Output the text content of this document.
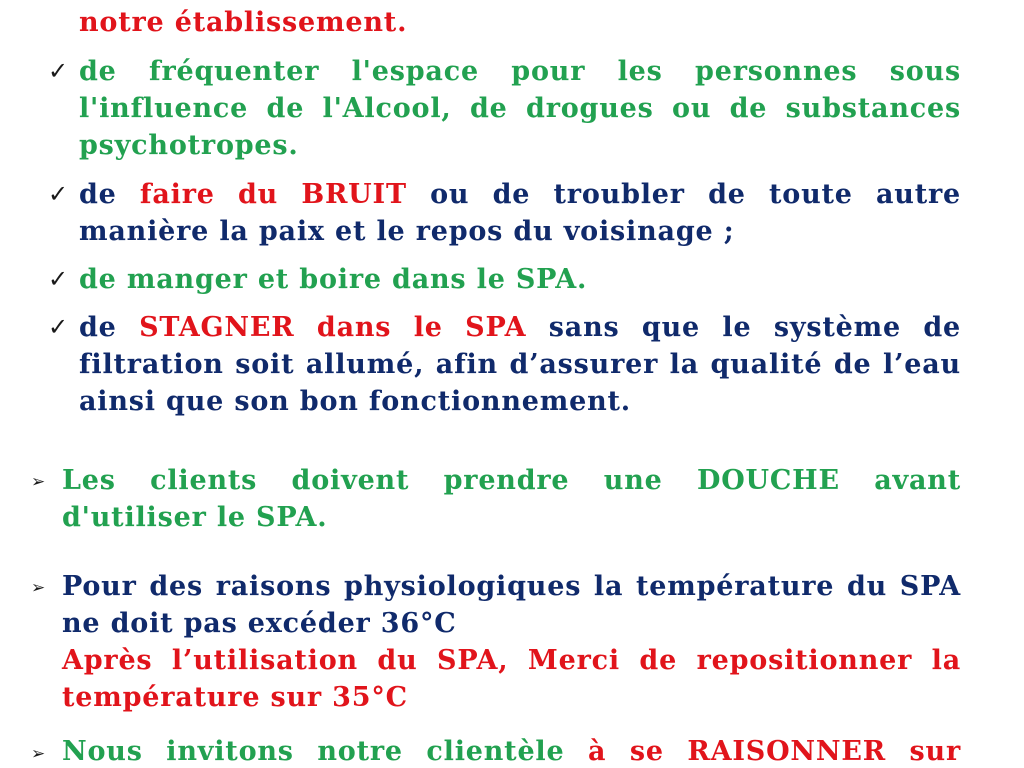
notre établissement.
✓ de fréquenter l'espace pour les personnes sous l'influence de l'Alcool, de drogues ou de substances psychotropes.
✓ de faire du BRUIT ou de troubler de toute autre manière la paix et le repos du voisinage ;
✓ de manger et boire dans le SPA.
✓ de STAGNER dans le SPA sans que le système de filtration soit allumé, afin d’assurer la qualité de l’eau ainsi que son bon fonctionnement.
➢ Les clients doivent prendre une DOUCHE avant d'utiliser le SPA.
➢ Pour des raisons physiologiques la température du SPA ne doit pas excéder 36°C
Après l’utilisation du SPA, Merci de repositionner la température sur 35°C
➢ Nous invitons notre clientèle à se RAISONNER sur
